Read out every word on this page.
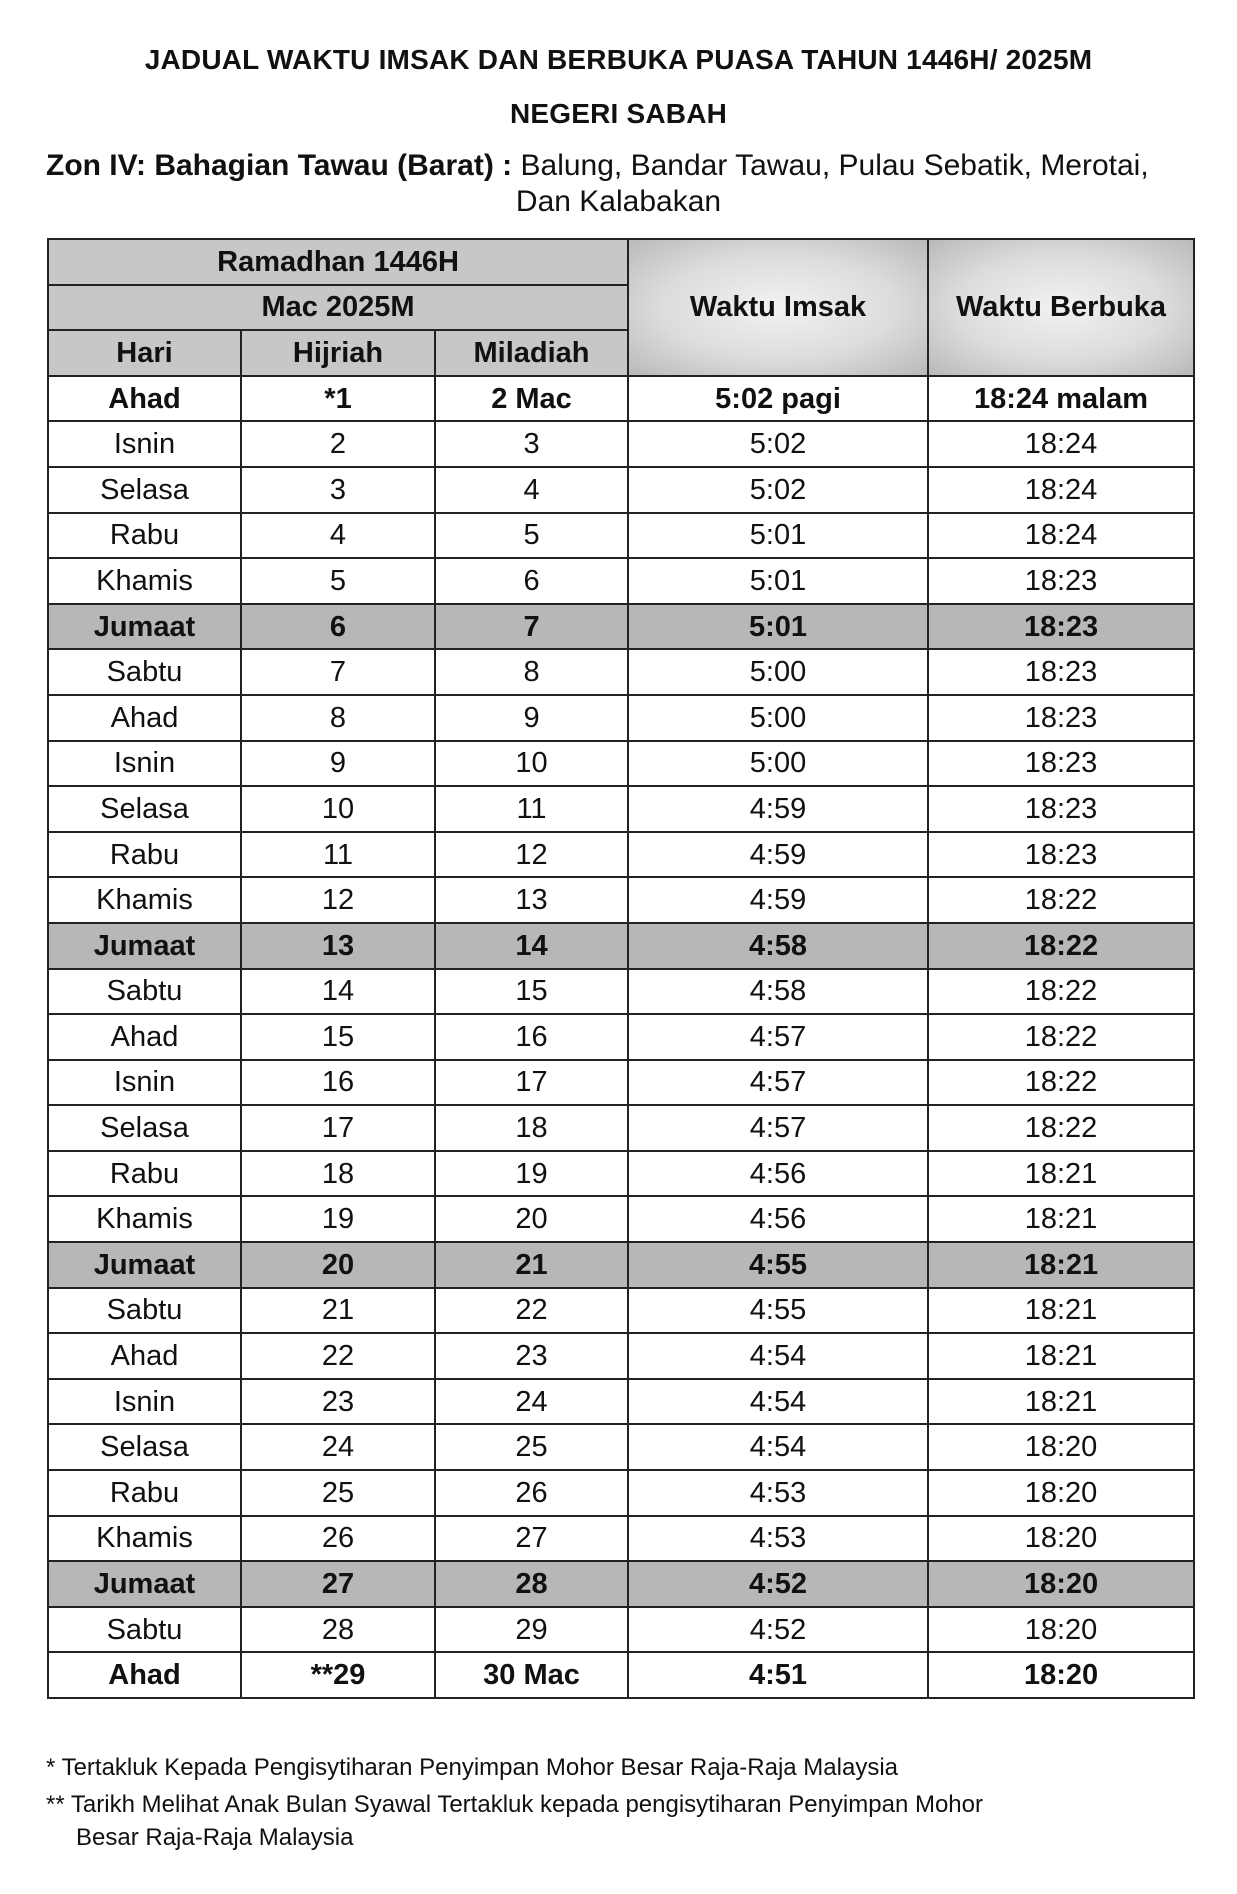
JADUAL WAKTU IMSAK DAN BERBUKA PUASA TAHUN 1446H/ 2025M
NEGERI SABAH
Zon IV: Bahagian Tawau (Barat) : Balung, Bandar Tawau, Pulau Sebatik, Merotai,
Dan Kalabakan
Ramadhan 1446H			Waktu Imsak	Waktu Berbuka
Mac 2025M				
Hari	Hijriah	Miladiah		
Ahad	*1	2 Mac	5:02 pagi	18:24 malam
Isnin	2	3	5:02	18:24
Selasa	3	4	5:02	18:24
Rabu	4	5	5:01	18:24
Khamis	5	6	5:01	18:23
Jumaat	6	7	5:01	18:23
Sabtu	7	8	5:00	18:23
Ahad	8	9	5:00	18:23
Isnin	9	10	5:00	18:23
Selasa	10	11	4:59	18:23
Rabu	11	12	4:59	18:23
Khamis	12	13	4:59	18:22
Jumaat	13	14	4:58	18:22
Sabtu	14	15	4:58	18:22
Ahad	15	16	4:57	18:22
Isnin	16	17	4:57	18:22
Selasa	17	18	4:57	18:22
Rabu	18	19	4:56	18:21
Khamis	19	20	4:56	18:21
Jumaat	20	21	4:55	18:21
Sabtu	21	22	4:55	18:21
Ahad	22	23	4:54	18:21
Isnin	23	24	4:54	18:21
Selasa	24	25	4:54	18:20
Rabu	25	26	4:53	18:20
Khamis	26	27	4:53	18:20
Jumaat	27	28	4:52	18:20
Sabtu	28	29	4:52	18:20
Ahad	**29	30 Mac	4:51	18:20
* Tertakluk Kepada Pengisytiharan Penyimpan Mohor Besar Raja-Raja Malaysia
** Tarikh Melihat Anak Bulan Syawal Tertakluk kepada pengisytiharan Penyimpan Mohor
Besar Raja-Raja Malaysia
